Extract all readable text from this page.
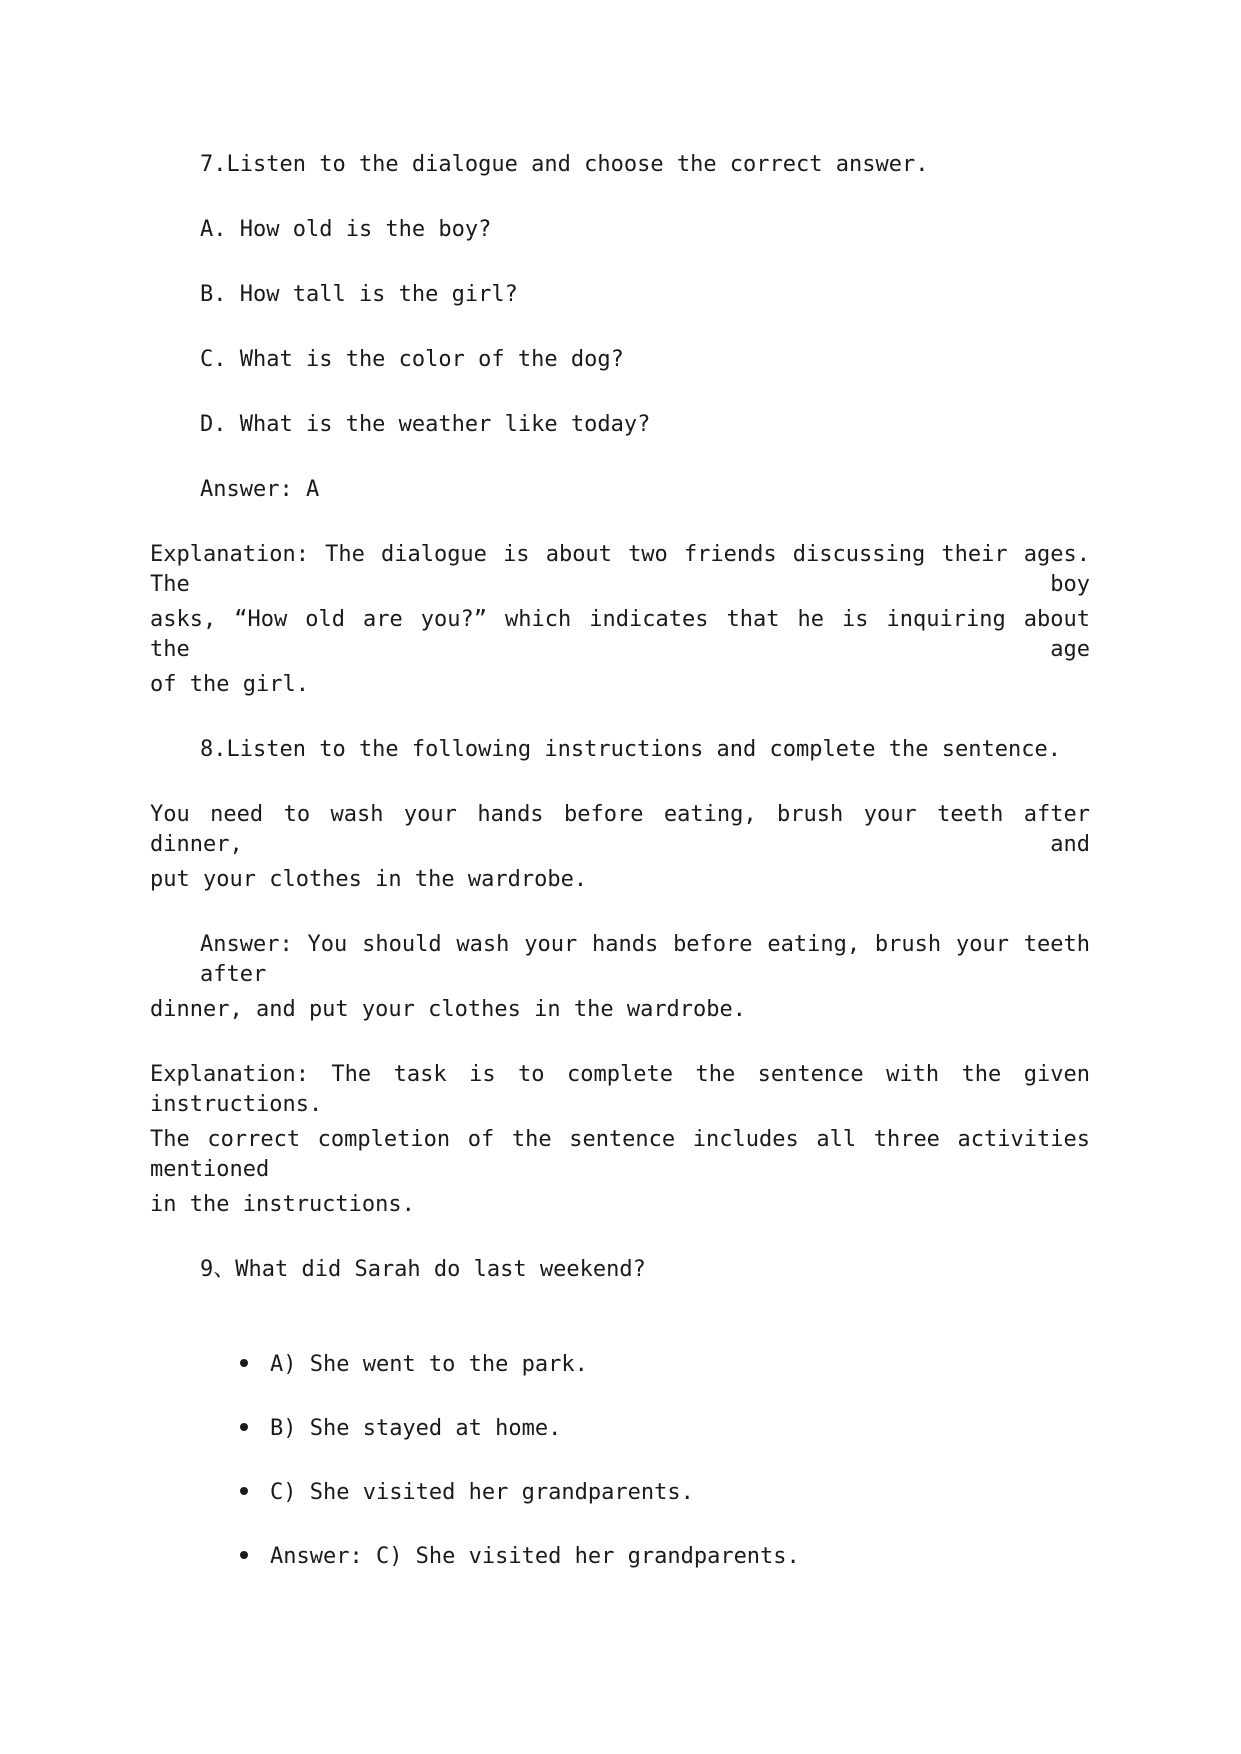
7.Listen to the dialogue and choose the correct answer.
A. How old is the boy?
B. How tall is the girl?
C. What is the color of the dog?
D. What is the weather like today?
Answer: A
Explanation: The dialogue is about two friends discussing their ages. The boy
asks, “How old are you?” which indicates that he is inquiring about the age
of the girl.
8.Listen to the following instructions and complete the sentence.
You need to wash your hands before eating, brush your teeth after dinner, and
put your clothes in the wardrobe.
Answer: You should wash your hands before eating, brush your teeth after
dinner, and put your clothes in the wardrobe.
Explanation: The task is to complete the sentence with the given instructions.
The correct completion of the sentence includes all three activities mentioned
in the instructions.
9、What did Sarah do last weekend?

A) She went to the park.

B) She stayed at home.

C) She visited her grandparents.

Answer: C) She visited her grandparents.
